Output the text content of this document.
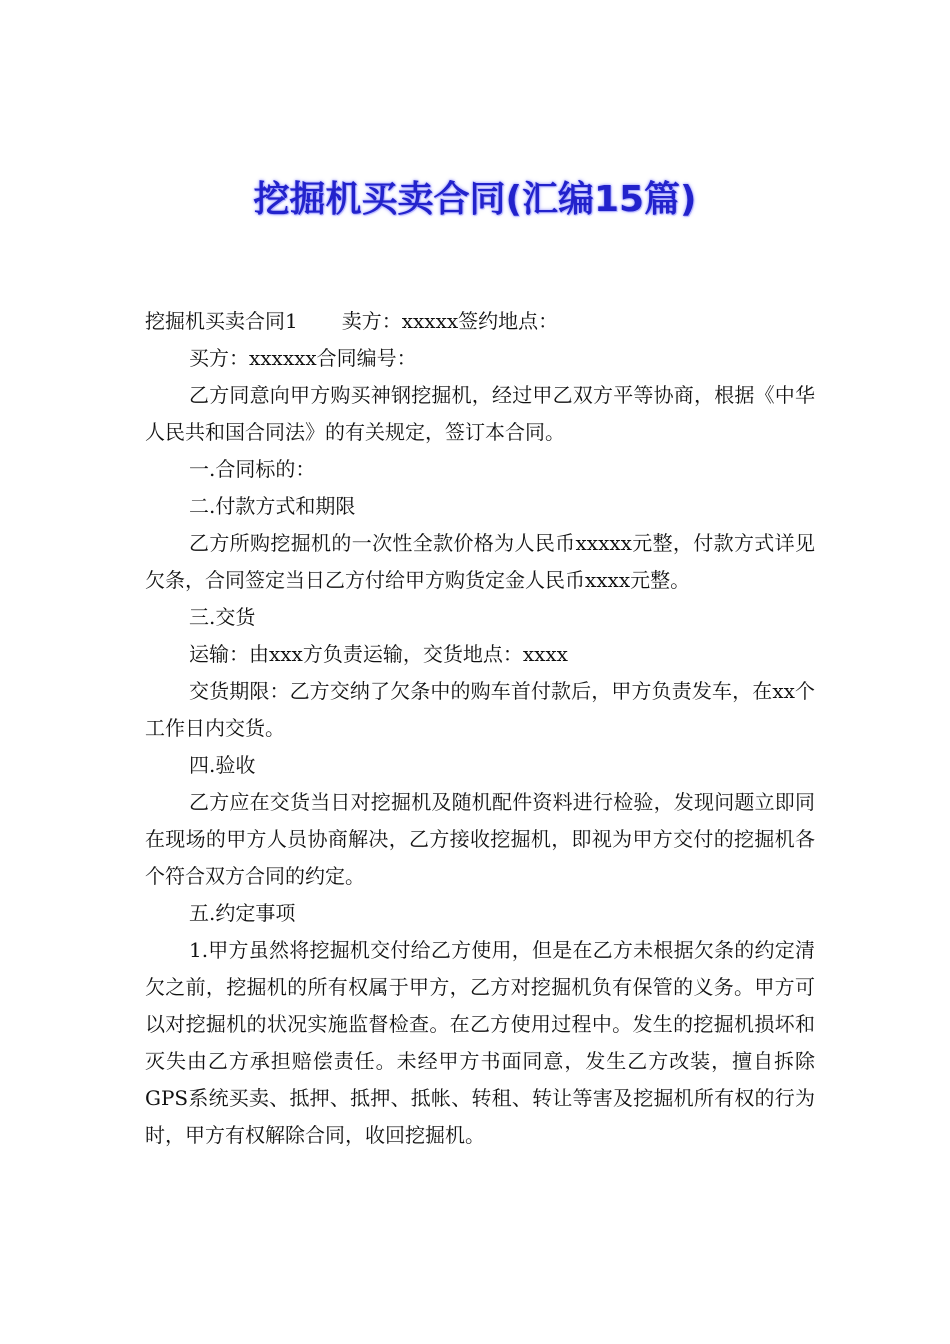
挖掘机买卖合同(汇编15篇)

挖掘机买卖合同1 卖方：xxxxx签约地点：

买方：xxxxxx合同编号：

乙方同意向甲方购买神钢挖掘机，经过甲乙双方平等协商，根据《中华人民共和国合同法》的有关规定，签订本合同。

一.合同标的：

二.付款方式和期限

乙方所购挖掘机的一次性全款价格为人民币xxxxx元整，付款方式详见欠条，合同签定当日乙方付给甲方购货定金人民币xxxx元整。

三.交货

运输：由xxx方负责运输，交货地点：xxxx

交货期限：乙方交纳了欠条中的购车首付款后，甲方负责发车，在xx个工作日内交货。

四.验收

乙方应在交货当日对挖掘机及随机配件资料进行检验，发现问题立即同在现场的甲方人员协商解决，乙方接收挖掘机，即视为甲方交付的挖掘机各个符合双方合同的约定。

五.约定事项

1.甲方虽然将挖掘机交付给乙方使用，但是在乙方未根据欠条的约定清欠之前，挖掘机的所有权属于甲方，乙方对挖掘机负有保管的义务。甲方可以对挖掘机的状况实施监督检查。在乙方使用过程中。发生的挖掘机损坏和灭失由乙方承担赔偿责任。未经甲方书面同意，发生乙方改装，擅自拆除GPS系统买卖、抵押、抵押、抵帐、转租、转让等害及挖掘机所有权的行为时，甲方有权解除合同，收回挖掘机。
